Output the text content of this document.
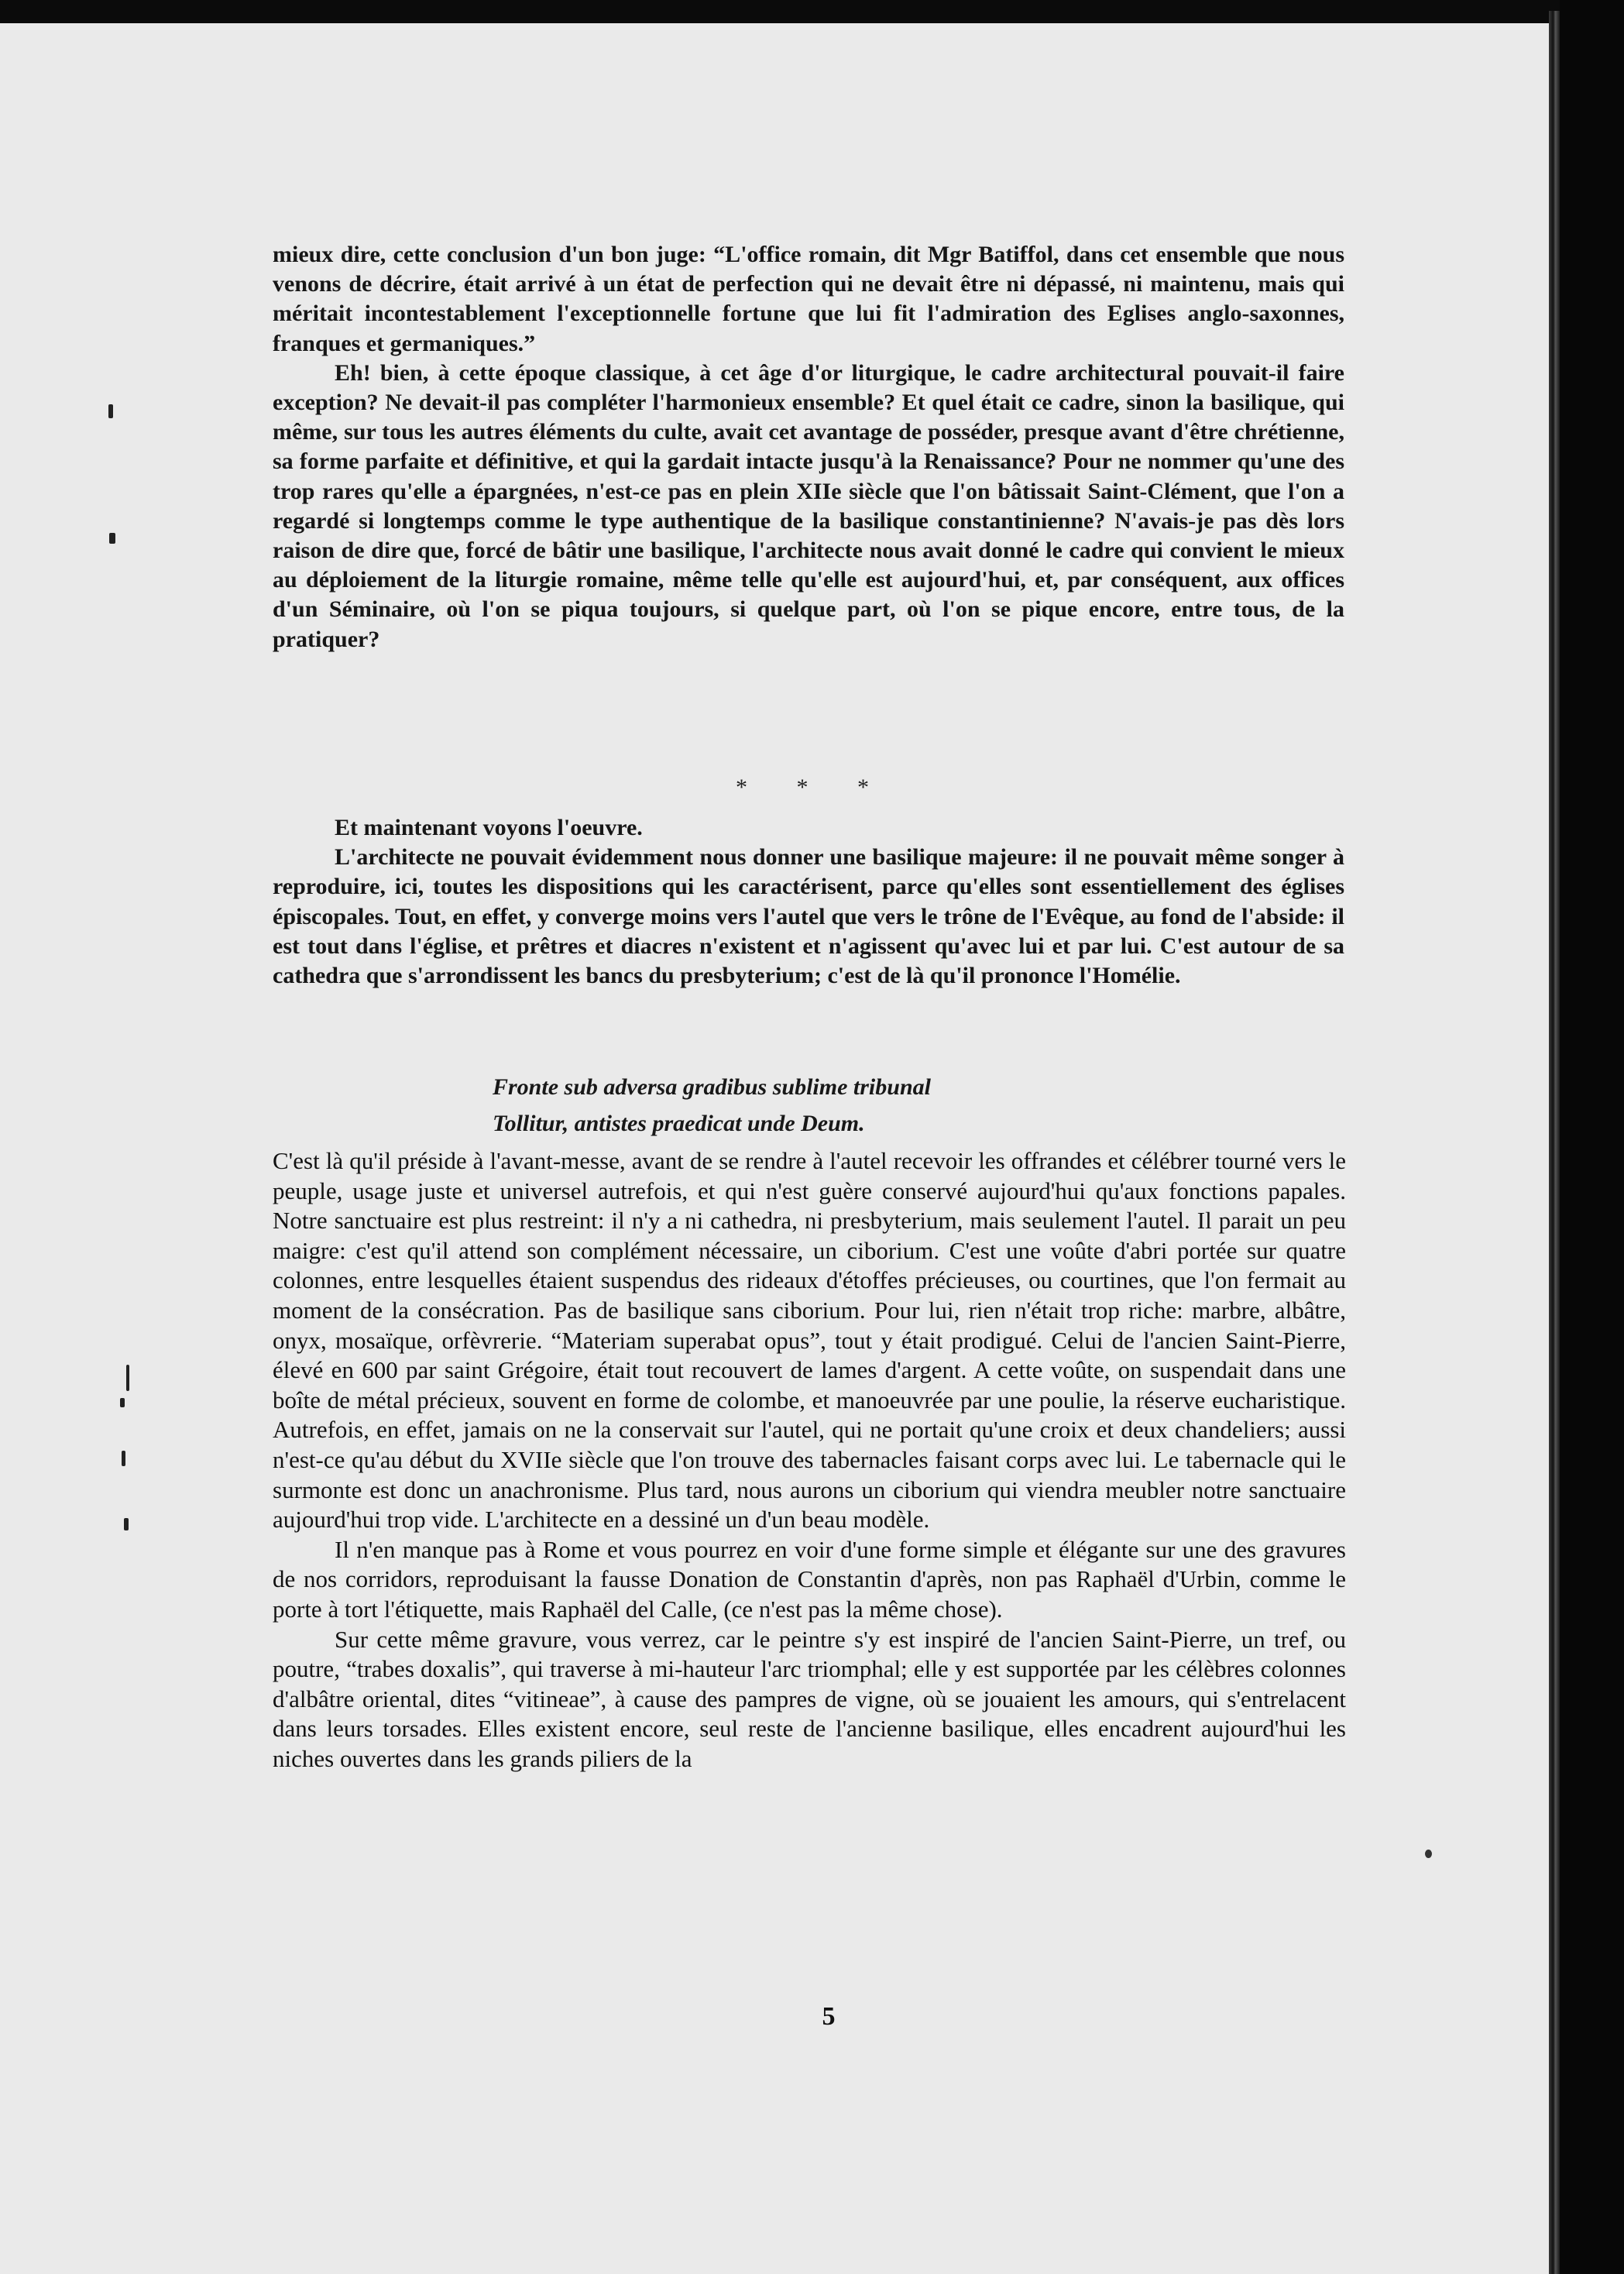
mieux dire, cette conclusion d'un bon juge: “L'office romain, dit Mgr Batiffol, dans cet ensemble que nous venons de décrire, était arrivé à un état de perfection qui ne devait être ni dépassé, ni maintenu, mais qui méritait incontestablement l'exceptionnelle fortune que lui fit l'admiration des Eglises anglo-saxonnes, franques et germaniques.”

Eh! bien, à cette époque classique, à cet âge d'or liturgique, le cadre architectural pouvait-il faire exception? Ne devait-il pas compléter l'harmonieux ensemble? Et quel était ce cadre, sinon la basilique, qui même, sur tous les autres éléments du culte, avait cet avantage de posséder, presque avant d'être chrétienne, sa forme parfaite et définitive, et qui la gardait intacte jusqu'à la Renaissance? Pour ne nommer qu'une des trop rares qu'elle a épargnées, n'est-ce pas en plein XIIe siècle que l'on bâtissait Saint-Clément, que l'on a regardé si longtemps comme le type authentique de la basilique constantinienne? N'avais-je pas dès lors raison de dire que, forcé de bâtir une basilique, l'architecte nous avait donné le cadre qui convient le mieux au déploiement de la liturgie romaine, même telle qu'elle est aujourd'hui, et, par conséquent, aux offices d'un Séminaire, où l'on se piqua toujours, si quelque part, où l'on se pique encore, entre tous, de la pratiquer?

* * *

Et maintenant voyons l'oeuvre.

L'architecte ne pouvait évidemment nous donner une basilique majeure: il ne pouvait même songer à reproduire, ici, toutes les dispositions qui les caractérisent, parce qu'elles sont essentiellement des églises épiscopales. Tout, en effet, y converge moins vers l'autel que vers le trône de l'Evêque, au fond de l'abside: il est tout dans l'église, et prêtres et diacres n'existent et n'agissent qu'avec lui et par lui. C'est autour de sa cathedra que s'arrondissent les bancs du presbyterium; c'est de là qu'il prononce l'Homélie.

Fronte sub adversa gradibus sublime tribunal
Tollitur, antistes praedicat unde Deum.

C'est là qu'il préside à l'avant-messe, avant de se rendre à l'autel recevoir les offrandes et célébrer tourné vers le peuple, usage juste et universel autrefois, et qui n'est guère conservé aujourd'hui qu'aux fonctions papales. Notre sanctuaire est plus restreint: il n'y a ni cathedra, ni presbyterium, mais seulement l'autel. Il parait un peu maigre: c'est qu'il attend son complément nécessaire, un ciborium. C'est une voûte d'abri portée sur quatre colonnes, entre lesquelles étaient suspendus des rideaux d'étoffes précieuses, ou courtines, que l'on fermait au moment de la consécration. Pas de basilique sans ciborium. Pour lui, rien n'était trop riche: marbre, albâtre, onyx, mosaïque, orfèvrerie. “Materiam superabat opus”, tout y était prodigué. Celui de l'ancien Saint-Pierre, élevé en 600 par saint Grégoire, était tout recouvert de lames d'argent. A cette voûte, on suspendait dans une boîte de métal précieux, souvent en forme de colombe, et manoeuvrée par une poulie, la réserve eucharistique. Autrefois, en effet, jamais on ne la conservait sur l'autel, qui ne portait qu'une croix et deux chandeliers; aussi n'est-ce qu'au début du XVIIe siècle que l'on trouve des tabernacles faisant corps avec lui. Le tabernacle qui le surmonte est donc un anachronisme. Plus tard, nous aurons un ciborium qui viendra meubler notre sanctuaire aujourd'hui trop vide. L'architecte en a dessiné un d'un beau modèle.

Il n'en manque pas à Rome et vous pourrez en voir d'une forme simple et élégante sur une des gravures de nos corridors, reproduisant la fausse Donation de Constantin d'après, non pas Raphaël d'Urbin, comme le porte à tort l'étiquette, mais Raphaël del Calle, (ce n'est pas la même chose).

Sur cette même gravure, vous verrez, car le peintre s'y est inspiré de l'ancien Saint-Pierre, un tref, ou poutre, “trabes doxalis”, qui traverse à mi-hauteur l'arc triomphal; elle y est supportée par les célèbres colonnes d'albâtre oriental, dites “vitineae”, à cause des pampres de vigne, où se jouaient les amours, qui s'entrelacent dans leurs torsades. Elles existent encore, seul reste de l'ancienne basilique, elles encadrent aujourd'hui les niches ouvertes dans les grands piliers de la

5
